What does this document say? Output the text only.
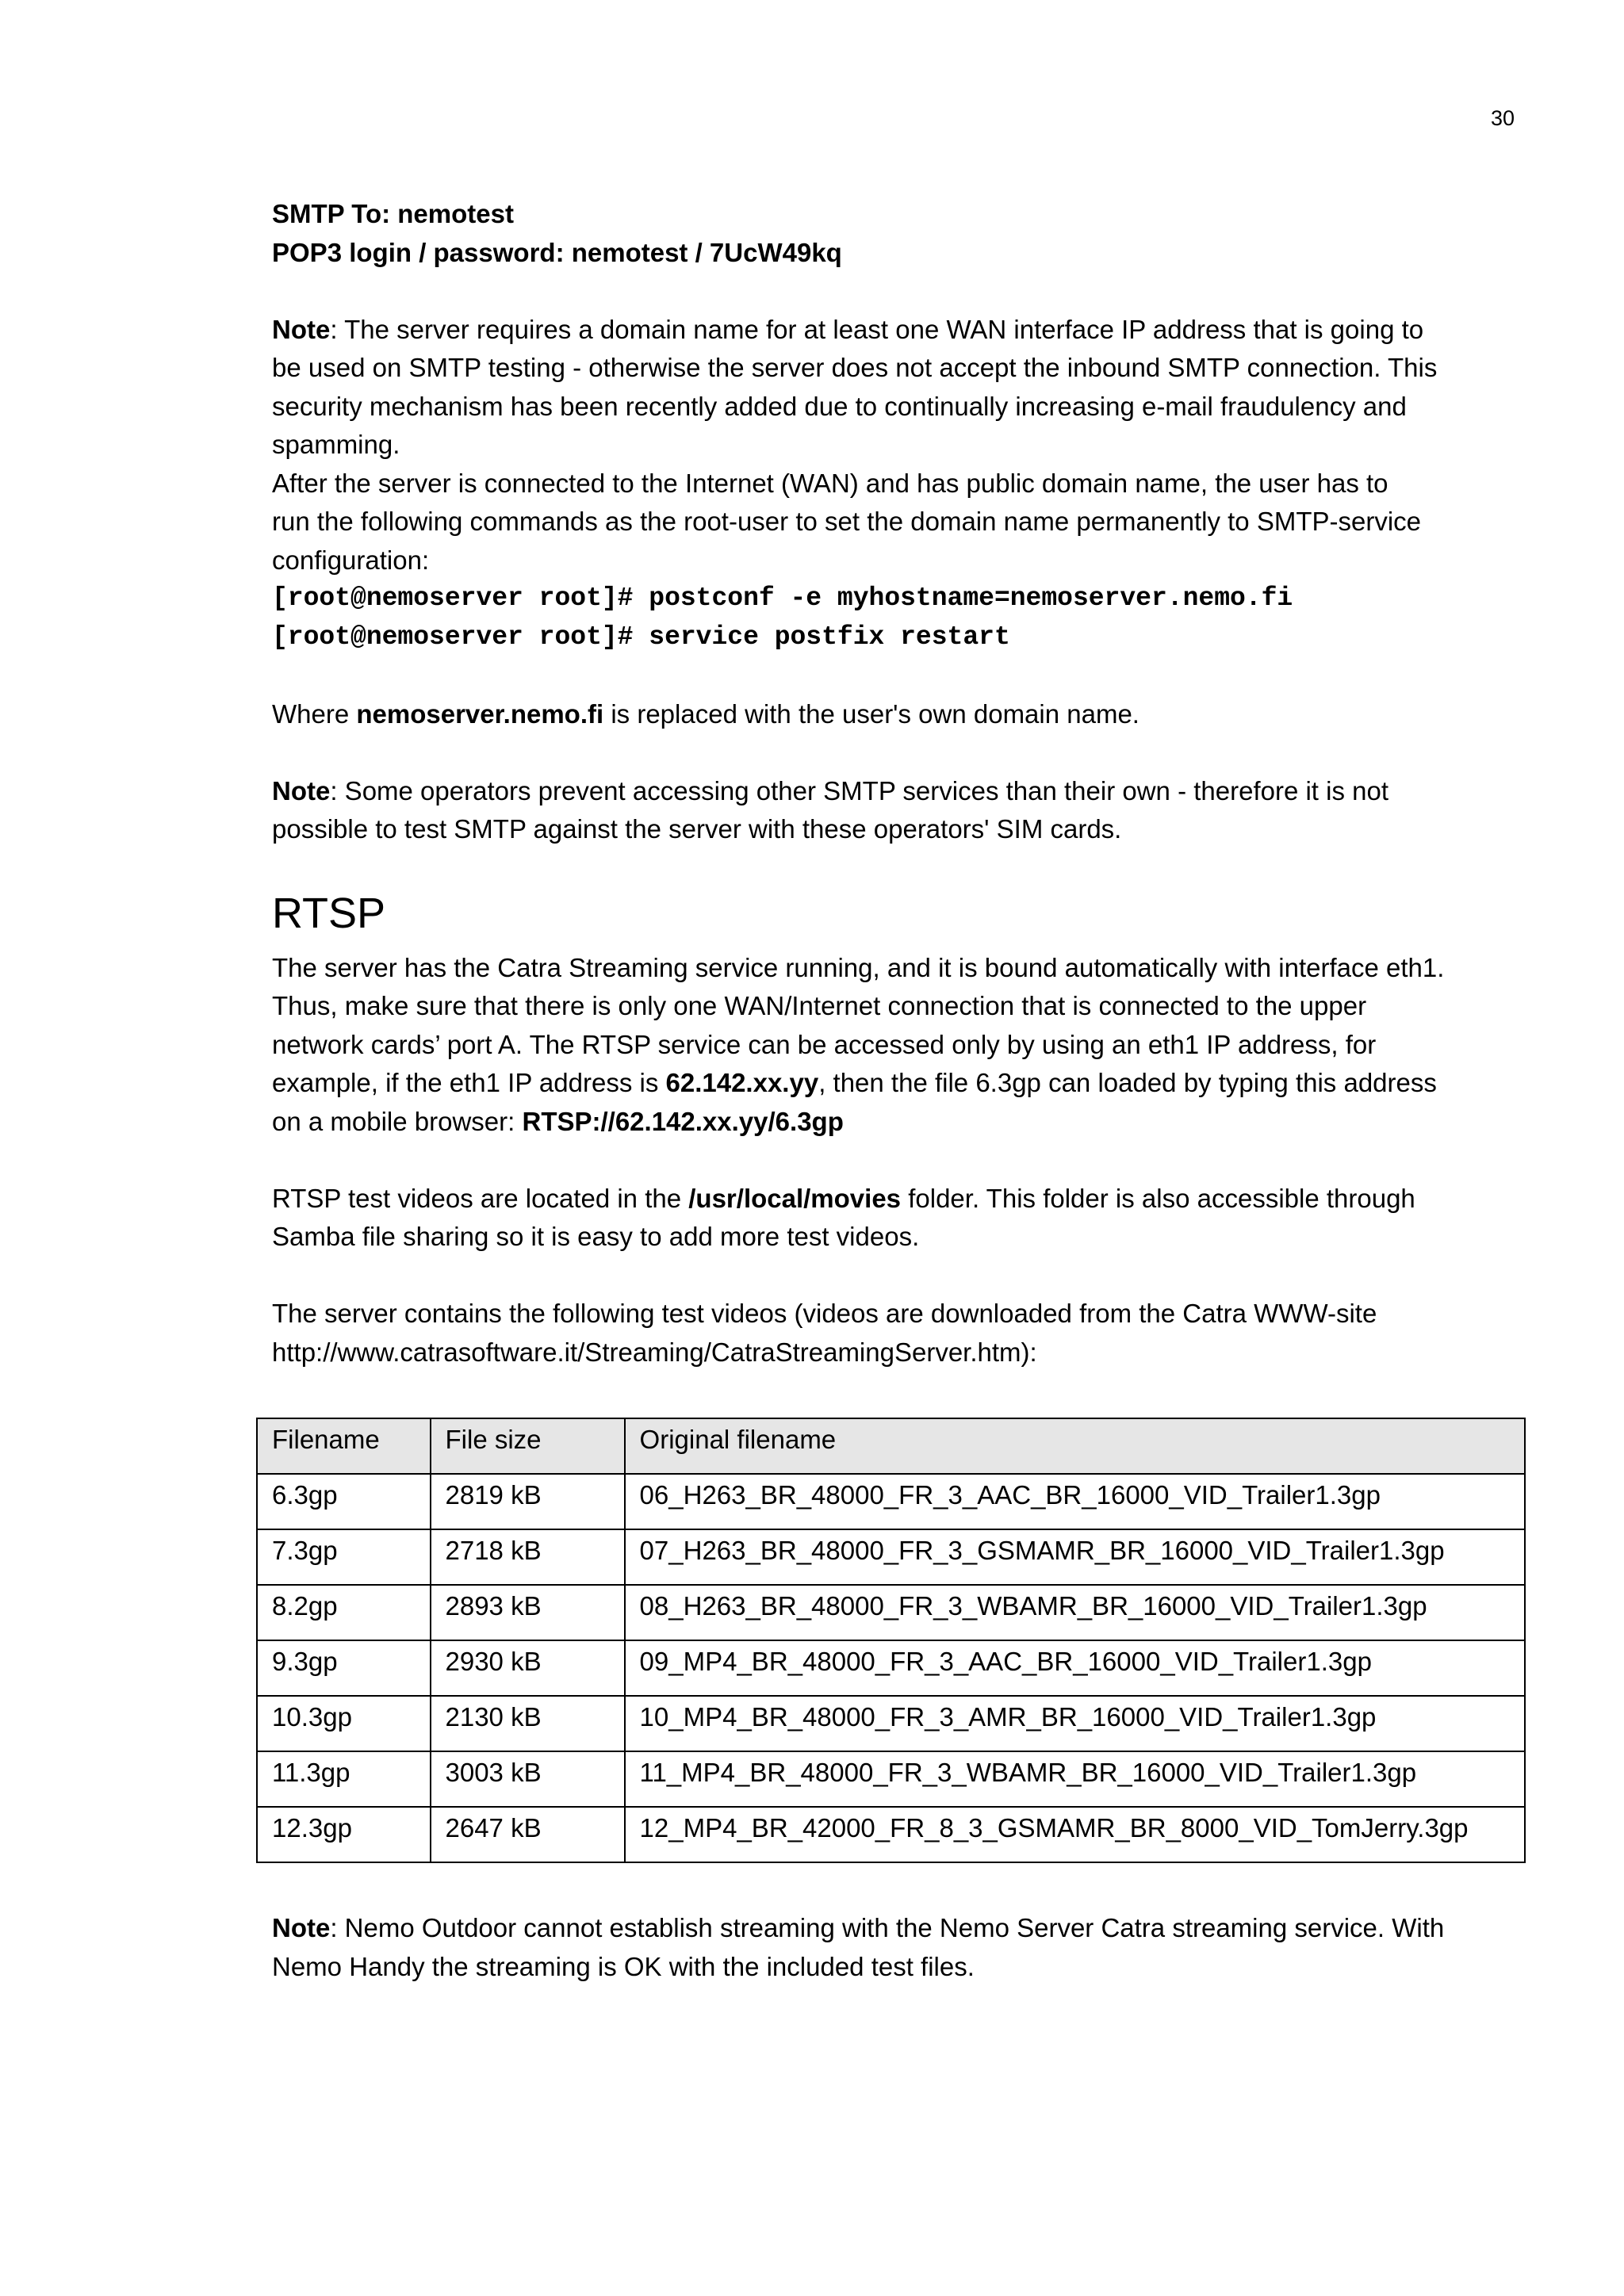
30
SMTP To: nemotest
POP3 login / password: nemotest / 7UcW49kq
Note: The server requires a domain name for at least one WAN interface IP address that is going to
be used on SMTP testing - otherwise the server does not accept the inbound SMTP connection. This
security mechanism has been recently added due to continually increasing e-mail fraudulency and
spamming.
After the server is connected to the Internet (WAN) and has public domain name, the user has to
run the following commands as the root-user to set the domain name permanently to SMTP-service
configuration:
[root@nemoserver root]# postconf -e myhostname=nemoserver.nemo.fi
[root@nemoserver root]# service postfix restart
Where nemoserver.nemo.fi is replaced with the user's own domain name.
Note: Some operators prevent accessing other SMTP services than their own - therefore it is not
possible to test SMTP against the server with these operators' SIM cards.
RTSP
The server has the Catra Streaming service running, and it is bound automatically with interface eth1.
Thus, make sure that there is only one WAN/Internet connection that is connected to the upper
network cards’ port A. The RTSP service can be accessed only by using an eth1 IP address, for
example, if the eth1 IP address is 62.142.xx.yy, then the file 6.3gp can loaded by typing this address
on a mobile browser: RTSP://62.142.xx.yy/6.3gp
RTSP test videos are located in the /usr/local/movies folder. This folder is also accessible through
Samba file sharing so it is easy to add more test videos.
The server contains the following test videos (videos are downloaded from the Catra WWW-site
http://www.catrasoftware.it/Streaming/CatraStreamingServer.htm):
Filename	File size	Original filename
6.3gp	2819 kB	06_H263_BR_48000_FR_3_AAC_BR_16000_VID_Trailer1.3gp
7.3gp	2718 kB	07_H263_BR_48000_FR_3_GSMAMR_BR_16000_VID_Trailer1.3gp
8.2gp	2893 kB	08_H263_BR_48000_FR_3_WBAMR_BR_16000_VID_Trailer1.3gp
9.3gp	2930 kB	09_MP4_BR_48000_FR_3_AAC_BR_16000_VID_Trailer1.3gp
10.3gp	2130 kB	10_MP4_BR_48000_FR_3_AMR_BR_16000_VID_Trailer1.3gp
11.3gp	3003 kB	11_MP4_BR_48000_FR_3_WBAMR_BR_16000_VID_Trailer1.3gp
12.3gp	2647 kB	12_MP4_BR_42000_FR_8_3_GSMAMR_BR_8000_VID_TomJerry.3gp
Note: Nemo Outdoor cannot establish streaming with the Nemo Server Catra streaming service. With
Nemo Handy the streaming is OK with the included test files.
